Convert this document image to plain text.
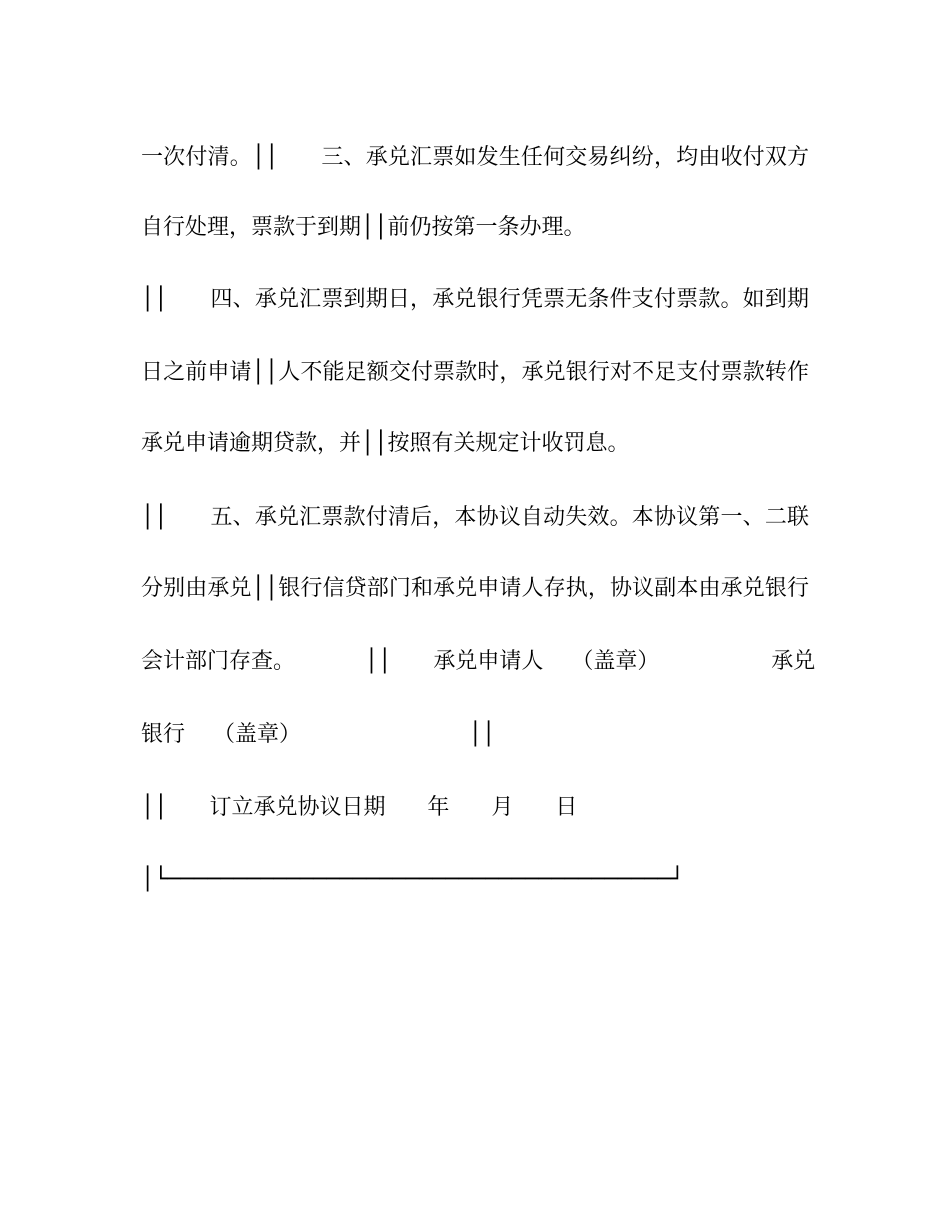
一次付清。││      三、承兑汇票如发生任何交易纠纷，均由收付双方
自行处理，票款于到期││前仍按第一条办理。
││      四、承兑汇票到期日，承兑银行凭票无条件支付票款。如到期
日之前申请││人不能足额交付票款时，承兑银行对不足支付票款转作
承兑申请逾期贷款，并││按照有关规定计收罚息。
││      五、承兑汇票款付清后，本协议自动失效。本协议第一、二联
分别由承兑││银行信贷部门和承兑申请人存执，协议副本由承兑银行
会计部门存查。          ││      承兑申请人    （盖章）                承兑
银行    （盖章）                        ││
││      订立承兑协议日期      年      月      日
│└──────────────────────────────────────┘
